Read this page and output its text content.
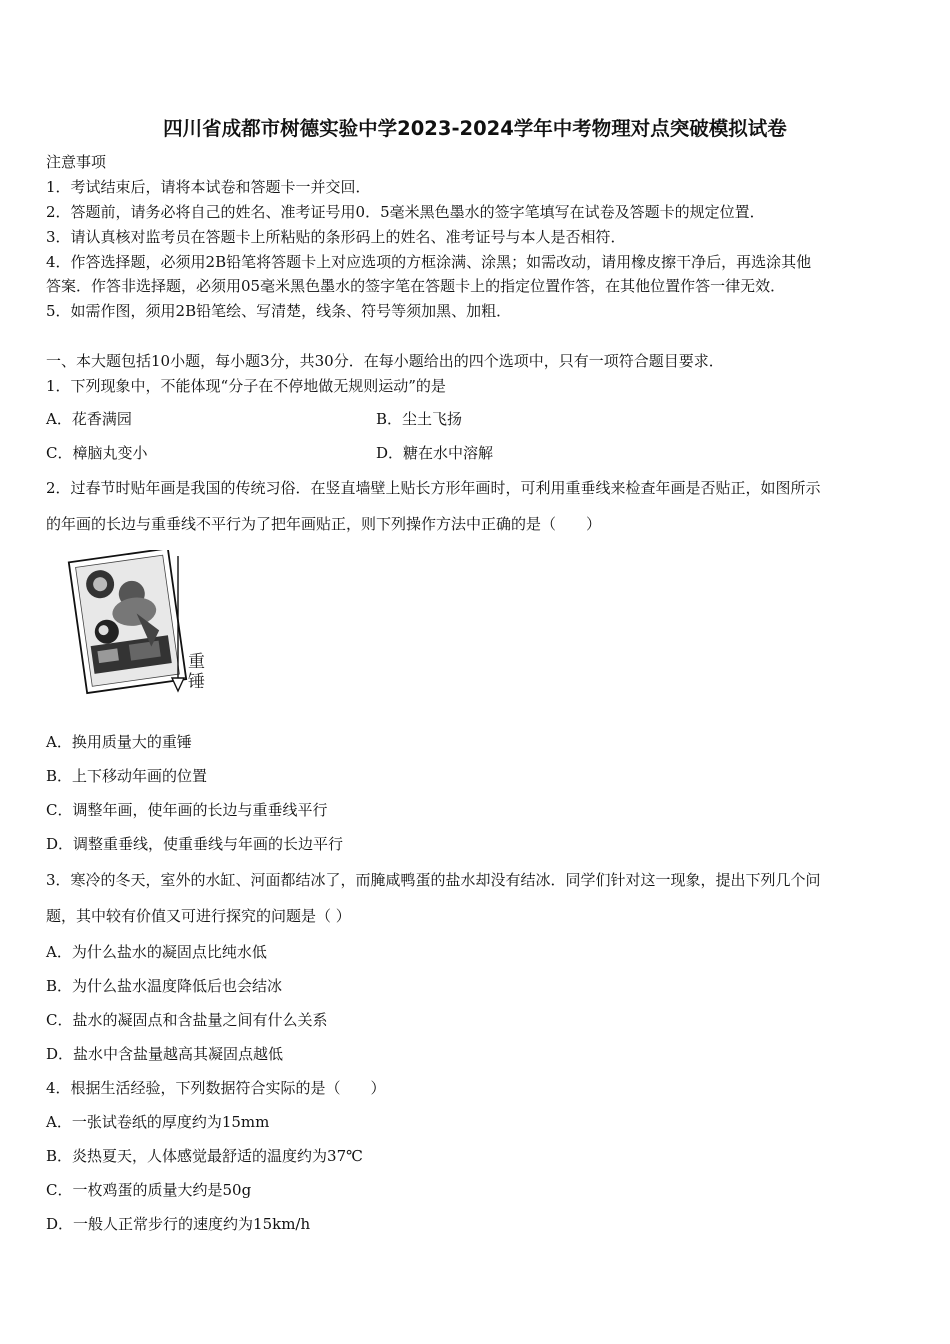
四川省成都市树德实验中学2023-2024学年中考物理对点突破模拟试卷
注意事项
1．考试结束后，请将本试卷和答题卡一并交回．
2．答题前，请务必将自己的姓名、准考证号用0．5毫米黑色墨水的签字笔填写在试卷及答题卡的规定位置．
3．请认真核对监考员在答题卡上所粘贴的条形码上的姓名、准考证号与本人是否相符．
4．作答选择题，必须用2B铅笔将答题卡上对应选项的方框涂满、涂黑；如需改动，请用橡皮擦干净后，再选涂其他
答案．作答非选择题，必须用05毫米黑色墨水的签字笔在答题卡上的指定位置作答，在其他位置作答一律无效．
5．如需作图，须用2B铅笔绘、写清楚，线条、符号等须加黑、加粗．
一、本大题包括10小题，每小题3分，共30分．在每小题给出的四个选项中，只有一项符合题目要求．
1．下列现象中，不能体现“分子在不停地做无规则运动”的是
A．花香满园	B．尘土飞扬
C．樟脑丸变小	D．糖在水中溶解
2．过春节时贴年画是我国的传统习俗．在竖直墙壁上贴长方形年画时，可利用重垂线来检查年画是否贴正，如图所示
的年画的长边与重垂线不平行为了把年画贴正，则下列操作方法中正确的是（　　）
重锤
A．换用质量大的重锤
B．上下移动年画的位置
C．调整年画，使年画的长边与重垂线平行
D．调整重垂线，使重垂线与年画的长边平行
3．寒冷的冬天，室外的水缸、河面都结冰了，而腌咸鸭蛋的盐水却没有结冰．同学们针对这一现象，提出下列几个问
题，其中较有价值又可进行探究的问题是（ ）
A．为什么盐水的凝固点比纯水低
B．为什么盐水温度降低后也会结冰
C．盐水的凝固点和含盐量之间有什么关系
D．盐水中含盐量越高其凝固点越低
4．根据生活经验，下列数据符合实际的是（　　）
A．一张试卷纸的厚度约为15mm
B．炎热夏天，人体感觉最舒适的温度约为37℃
C．一枚鸡蛋的质量大约是50g
D．一般人正常步行的速度约为15km/h
